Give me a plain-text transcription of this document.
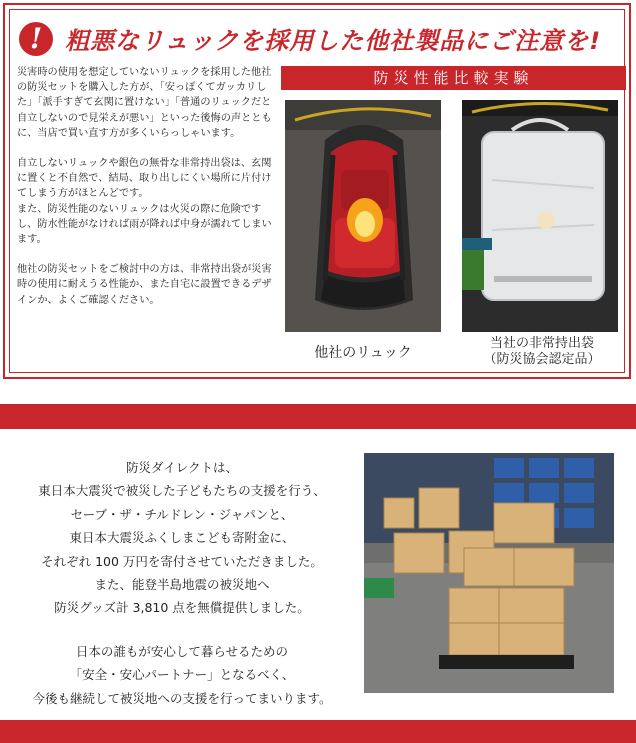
! 粗悪なリュックを採用した他社製品にご注意を!

災害時の使用を想定していないリュックを採用した他社の防災セットを購入した方が、「安っぽくてガッカリした」「派手すぎて玄関に置けない」「普通のリュックだと自立しないので見栄えが悪い」といった後悔の声とともに、当店で買い直す方が多くいらっしゃいます。

自立しないリュックや銀色の無骨な非常持出袋は、玄関に置くと不自然で、結局、取り出しにくい場所に片付けてしまう方がほとんどです。
また、防災性能のないリュックは火災の際に危険ですし、防水性能がなければ雨が降れば中身が濡れてしまいます。

他社の防災セットをご検討中の方は、非常持出袋が災害時の使用に耐えうる性能か、また自宅に設置できるデザインか、よくご確認ください。

防災性能比較実験
他社のリュック
当社の非常持出袋
（防災協会認定品）
防災ダイレクトは、
東日本大震災で被災した子どもたちの支援を行う、
セーブ・ザ・チルドレン・ジャパンと、
東日本大震災ふくしまこども寄附金に、
それぞれ 100 万円を寄付させていただきました。
また、能登半島地震の被災地へ
防災グッズ計 3,810 点を無償提供しました。
日本の誰もが安心して暮らせるための
「安全・安心パートナー」となるべく、
今後も継続して被災地への支援を行ってまいります。
